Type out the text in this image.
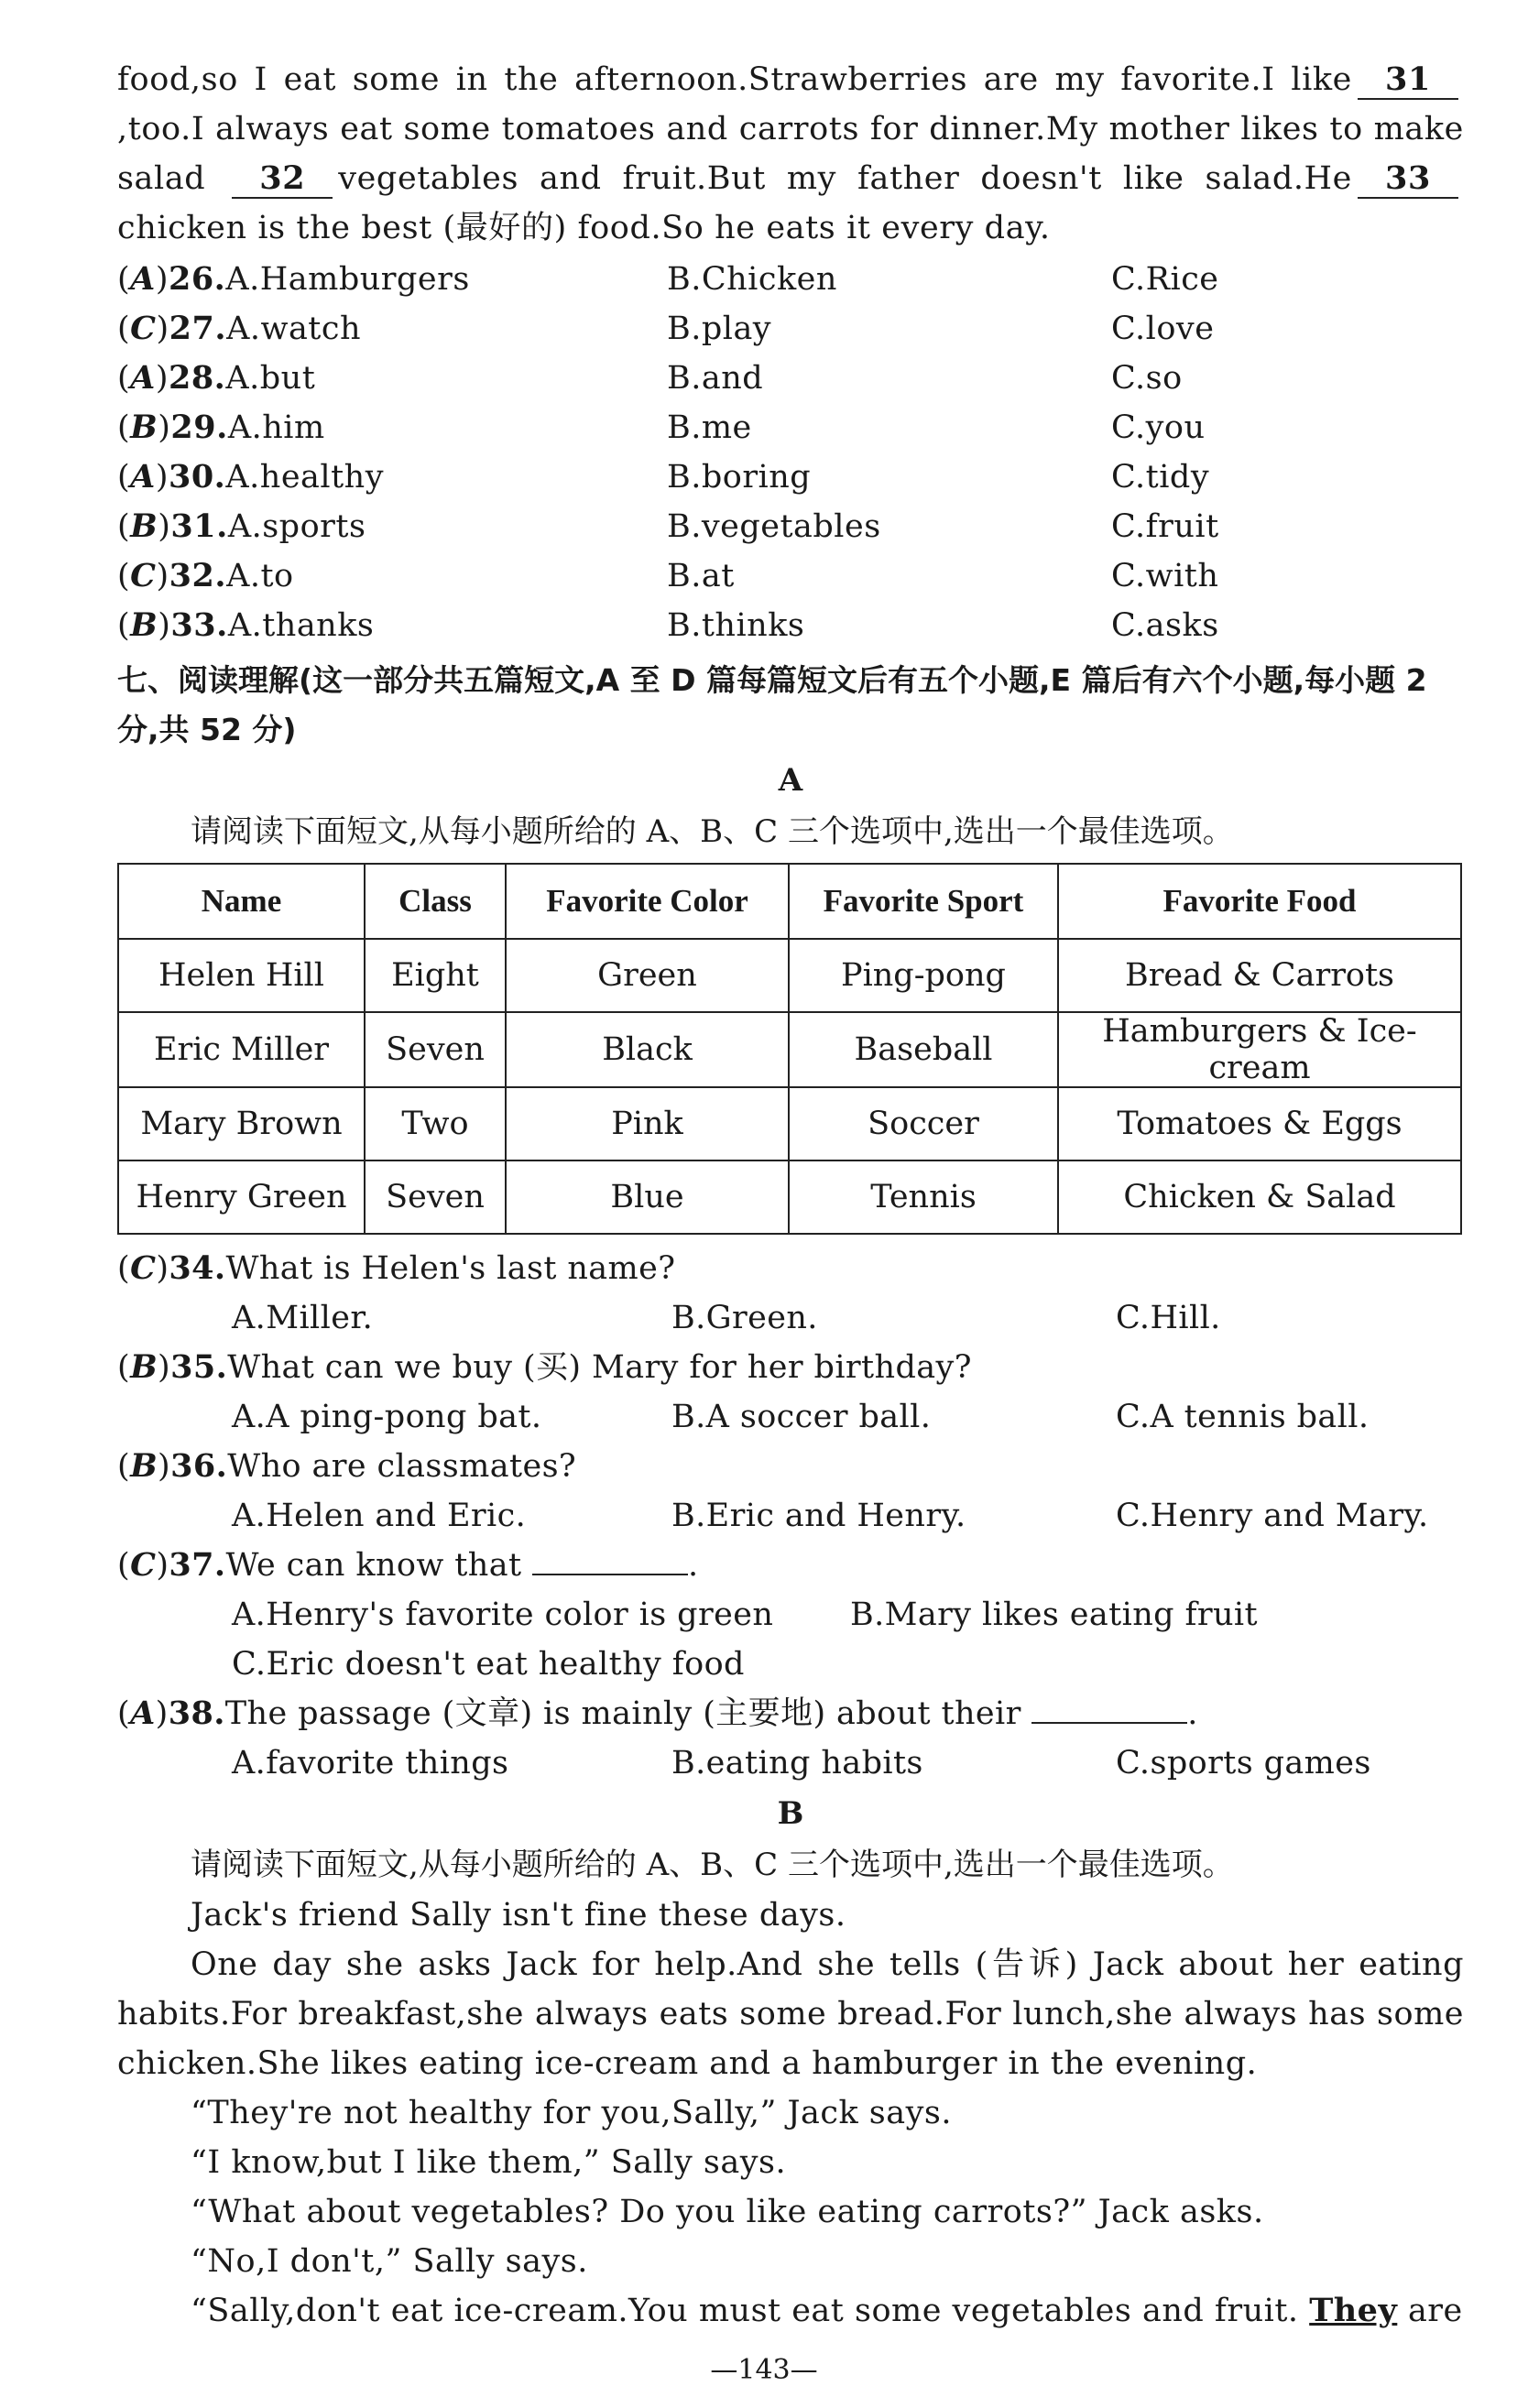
food,so I eat some in the afternoon.Strawberries are my favorite.I like 31,too.I always eat some tomatoes and carrots for dinner.My mother likes to make salad 32 vegetables and fruit.But my father doesn't like salad.He 33chicken is the best (最好的) food.So he eats it every day.

(A)26.A.Hamburgers	B.Chicken	C.Rice
(C)27.A.watch	B.play	C.love
(A)28.A.but	B.and	C.so
(B)29.A.him	B.me	C.you
(A)30.A.healthy	B.boring	C.tidy
(B)31.A.sports	B.vegetables	C.fruit
(C)32.A.to	B.at	C.with
(B)33.A.thanks	B.thinks	C.asks

七、阅读理解(这一部分共五篇短文,A 至 D 篇每篇短文后有五个小题,E 篇后有六个小题,每小题 2 分,共 52 分)

A

请阅读下面短文,从每小题所给的 A、B、C 三个选项中,选出一个最佳选项。

Name	Class	Favorite Color	Favorite Sport	Favorite Food
Helen Hill	Eight	Green	Ping-pong	Bread & Carrots
Eric Miller	Seven	Black	Baseball	Hamburgers & Ice-cream
Mary Brown	Two	Pink	Soccer	Tomatoes & Eggs
Henry Green	Seven	Blue	Tennis	Chicken & Salad
(C)34.What is Helen's last name?
A.Miller.	B.Green.	C.Hill.
(B)35.What can we buy (买) Mary for her birthday?
A.A ping-pong bat.	B.A soccer ball.	C.A tennis ball.
(B)36.Who are classmates?
A.Helen and Eric.	B.Eric and Henry.	C.Henry and Mary.
(C)37.We can know that	.
A.Henry's favorite color is green B.Mary likes eating fruit
C.Eric doesn't eat healthy food
(A)38.The passage (文章) is mainly (主要地) about their	.
A.favorite things	B.eating habits	C.sports games

B

请阅读下面短文,从每小题所给的 A、B、C 三个选项中,选出一个最佳选项。

Jack's friend Sally isn't fine these days.

One day she asks Jack for help.And she tells (告诉) Jack about her eating habits.For breakfast,she always eats some bread.For lunch,she always has some chicken.She likes eating ice-cream and a hamburger in the evening.

“They're not healthy for you,Sally,” Jack says.

“I know,but I like them,” Sally says.

“What about vegetables? Do you like eating carrots?” Jack asks.

“No,I don't,” Sally says.

“Sally,don't eat ice-cream.You must eat some vegetables and fruit. They are

—143—
